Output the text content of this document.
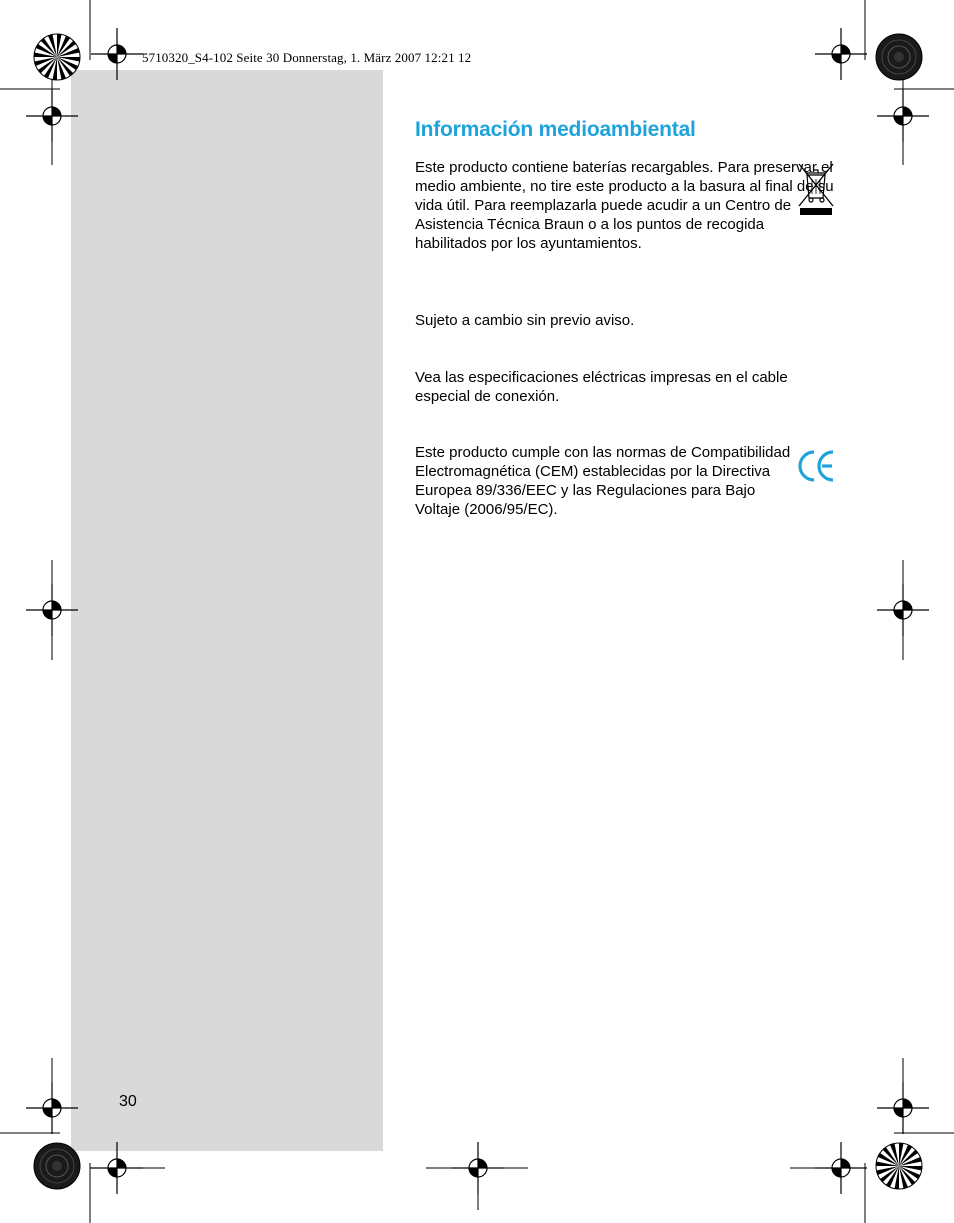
5710320_S4-102 Seite 30 Donnerstag, 1. März 2007 12:21 12
Información medioambiental

Este producto contiene baterías recargables. Para preservar el medio ambiente, no tire este producto a la basura al final de su vida útil. Para reemplazarla puede acudir a un Centro de Asistencia Técnica Braun o a los puntos de recogida habilitados por los ayuntamientos.

Sujeto a cambio sin previo aviso.

Vea las especificaciones eléctricas impresas en el cable especial de conexión.

Este producto cumple con las normas de Compatibilidad Electromagnética (CEM) establecidas por la Directiva Europea 89/336/EEC y las Regulaciones para Bajo Voltaje (2006/95/EC).

30
